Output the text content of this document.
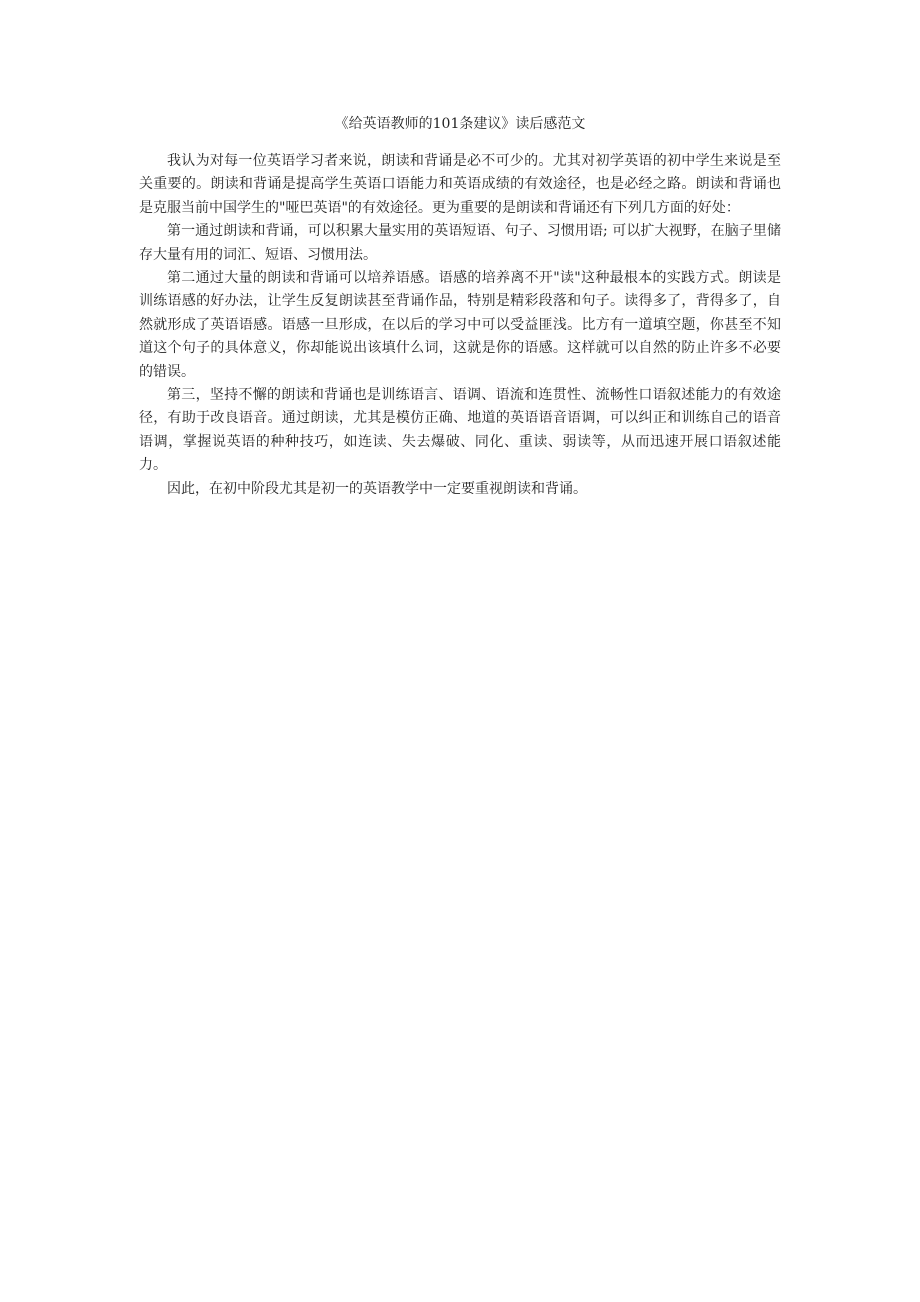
《给英语教师的101条建议》读后感范文

我认为对每一位英语学习者来说，朗读和背诵是必不可少的。尤其对初学英语的初中学生来说是至关重要的。朗读和背诵是提高学生英语口语能力和英语成绩的有效途径，也是必经之路。朗读和背诵也是克服当前中国学生的"哑巴英语"的有效途径。更为重要的是朗读和背诵还有下列几方面的好处：

第一通过朗读和背诵，可以积累大量实用的英语短语、句子、习惯用语; 可以扩大视野，在脑子里储存大量有用的词汇、短语、习惯用法。

第二通过大量的朗读和背诵可以培养语感。语感的培养离不开"读"这种最根本的实践方式。朗读是训练语感的好办法，让学生反复朗读甚至背诵作品，特别是精彩段落和句子。读得多了，背得多了，自然就形成了英语语感。语感一旦形成，在以后的学习中可以受益匪浅。比方有一道填空题，你甚至不知道这个句子的具体意义，你却能说出该填什么词，这就是你的语感。这样就可以自然的防止许多不必要的错误。

第三，坚持不懈的朗读和背诵也是训练语言、语调、语流和连贯性、流畅性口语叙述能力的有效途径，有助于改良语音。通过朗读，尤其是模仿正确、地道的英语语音语调，可以纠正和训练自己的语音语调，掌握说英语的种种技巧，如连读、失去爆破、同化、重读、弱读等，从而迅速开展口语叙述能力。

因此，在初中阶段尤其是初一的英语教学中一定要重视朗读和背诵。
